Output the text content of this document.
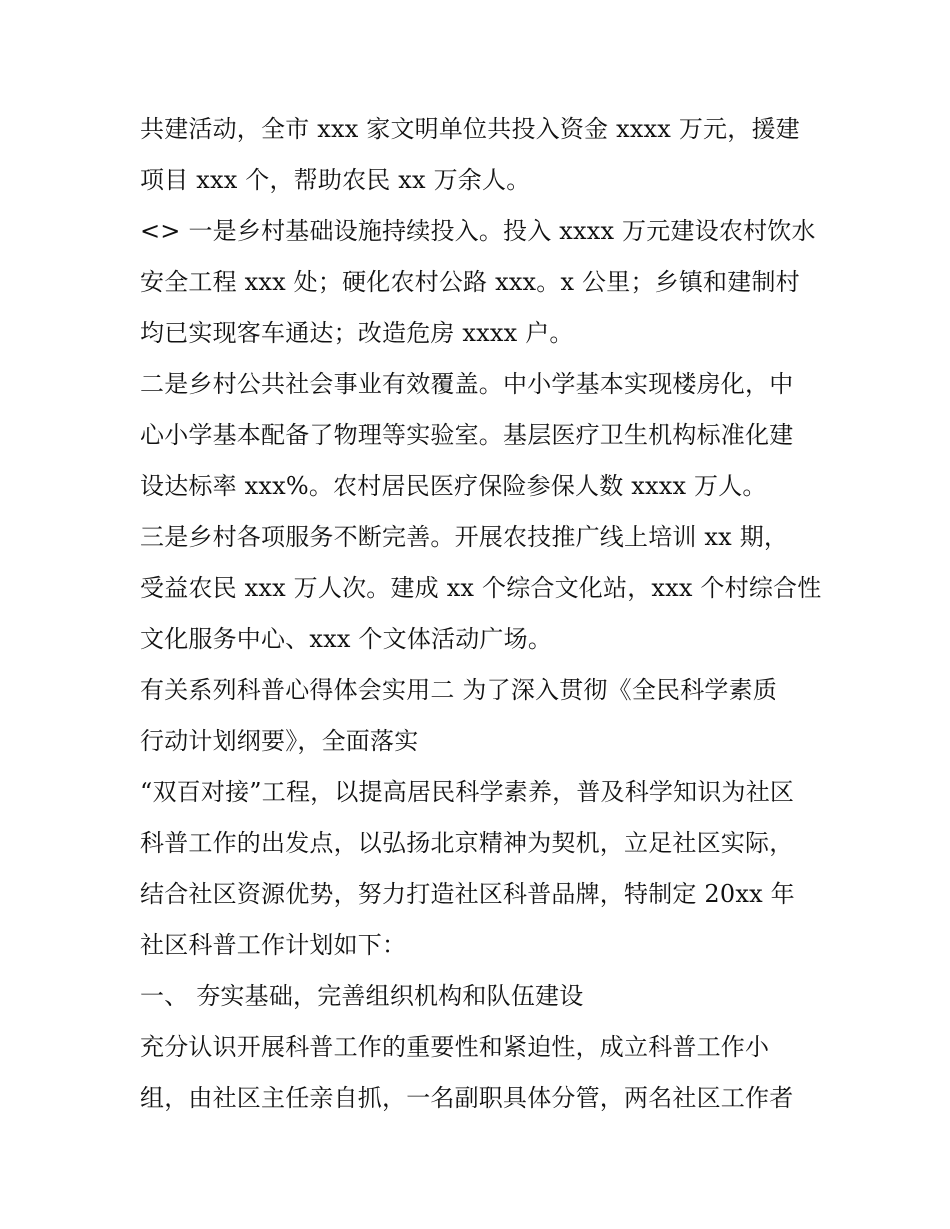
共建活动，全市 xxx 家文明单位共投入资金 xxxx 万元，援建
项目 xxx 个，帮助农民 xx 万余人。
<> 一是乡村基础设施持续投入。投入 xxxx 万元建设农村饮水
安全工程 xxx 处；硬化农村公路 xxx。x 公里；乡镇和建制村
均已实现客车通达；改造危房 xxxx 户。
二是乡村公共社会事业有效覆盖。中小学基本实现楼房化，中
心小学基本配备了物理等实验室。基层医疗卫生机构标准化建
设达标率 xxx%。农村居民医疗保险参保人数 xxxx 万人。
三是乡村各项服务不断完善。开展农技推广线上培训 xx 期，
受益农民 xxx 万人次。建成 xx 个综合文化站，xxx 个村综合性
文化服务中心、xxx 个文体活动广场。
有关系列科普心得体会实用二 为了深入贯彻《全民科学素质
行动计划纲要》，全面落实
“双百对接”工程，以提高居民科学素养，普及科学知识为社区
科普工作的出发点，以弘扬北京精神为契机，立足社区实际，
结合社区资源优势，努力打造社区科普品牌，特制定 20xx 年
社区科普工作计划如下：
一、 夯实基础，完善组织机构和队伍建设
充分认识开展科普工作的重要性和紧迫性，成立科普工作小
组，由社区主任亲自抓，一名副职具体分管，两名社区工作者
